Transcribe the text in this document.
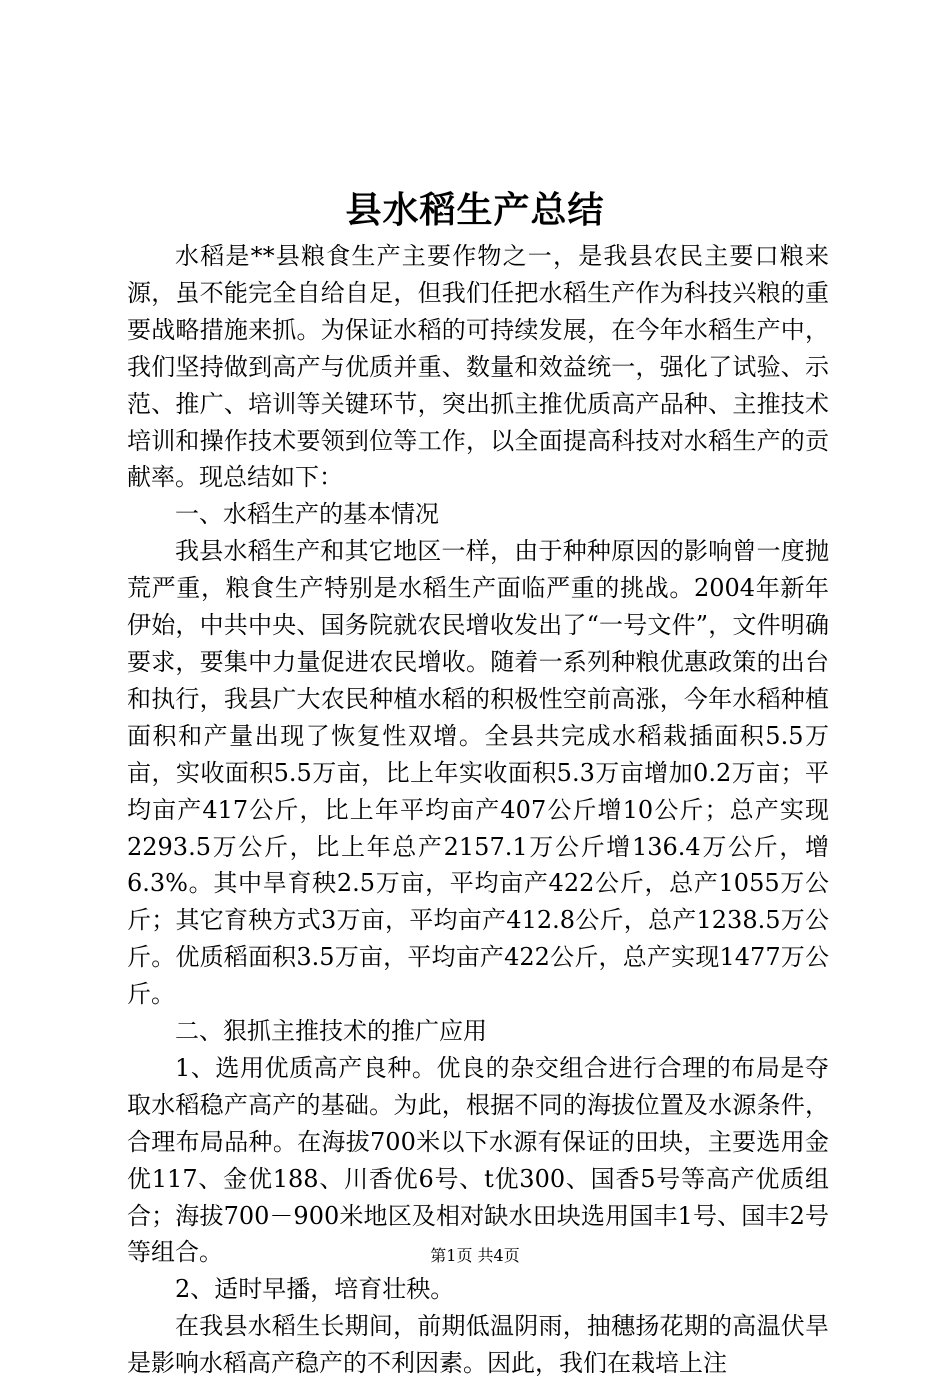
县水稻生产总结

水稻是**县粮食生产主要作物之一，是我县农民主要口粮来源，虽不能完全自给自足，但我们任把水稻生产作为科技兴粮的重要战略措施来抓。为保证水稻的可持续发展，在今年水稻生产中，我们坚持做到高产与优质并重、数量和效益统一，强化了试验、示范、推广、培训等关键环节，突出抓主推优质高产品种、主推技术培训和操作技术要领到位等工作，以全面提高科技对水稻生产的贡献率。现总结如下：

一、水稻生产的基本情况

我县水稻生产和其它地区一样，由于种种原因的影响曾一度抛荒严重，粮食生产特别是水稻生产面临严重的挑战。2004年新年伊始，中共中央、国务院就农民增收发出了“一号文件”，文件明确要求，要集中力量促进农民增收。随着一系列种粮优惠政策的出台和执行，我县广大农民种植水稻的积极性空前高涨，今年水稻种植面积和产量出现了恢复性双增。全县共完成水稻栽插面积5.5万亩，实收面积5.5万亩，比上年实收面积5.3万亩增加0.2万亩；平均亩产417公斤，比上年平均亩产407公斤增10公斤；总产实现2293.5万公斤，比上年总产2157.1万公斤增136.4万公斤，增6.3%。其中旱育秧2.5万亩，平均亩产422公斤，总产1055万公斤；其它育秧方式3万亩，平均亩产412.8公斤，总产1238.5万公斤。优质稻面积3.5万亩，平均亩产422公斤，总产实现1477万公斤。

二、狠抓主推技术的推广应用

1、选用优质高产良种。优良的杂交组合进行合理的布局是夺取水稻稳产高产的基础。为此，根据不同的海拔位置及水源条件，合理布局品种。在海拔700米以下水源有保证的田块，主要选用金优117、金优188、川香优6号、t优300、国香5号等高产优质组合；海拔700－900米地区及相对缺水田块选用国丰1号、国丰2号等组合。

2、适时早播，培育壮秧。

在我县水稻生长期间，前期低温阴雨，抽穗扬花期的高温伏旱是影响水稻高产稳产的不利因素。因此，我们在栽培上注

第1页 共4页
